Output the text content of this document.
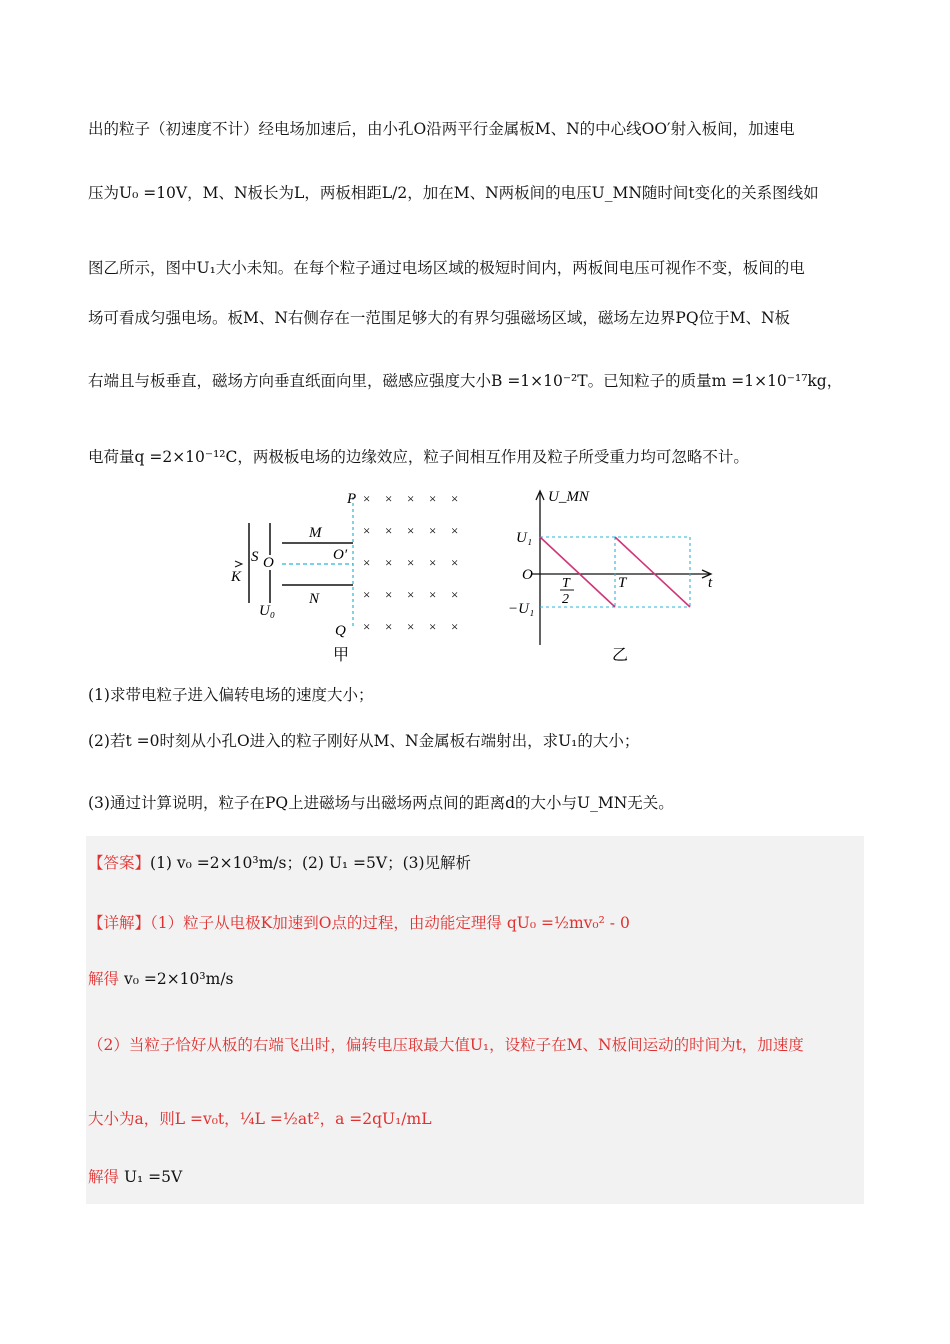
出的粒子（初速度不计）经电场加速后，由小孔O沿两平行金属板M、N的中心线OO′射入板间，加速电
压为U₀ =10V，M、N板长为L，两板相距L/2，加在M、N两板间的电压U_MN随时间t变化的关系图线如
图乙所示，图中U₁大小未知。在每个粒子通过电场区域的极短时间内，两板间电压可视作不变，板间的电
场可看成匀强电场。板M、N右侧存在一范围足够大的有界匀强磁场区域，磁场左边界PQ位于M、N板
右端且与板垂直，磁场方向垂直纸面向里，磁感应强度大小B =1×10⁻²T。已知粒子的质量m =1×10⁻¹⁷kg，
电荷量q =2×10⁻¹²C，两极板电场的边缘效应，粒子间相互作用及粒子所受重力均可忽略不计。
P
Q
M
N
S O	O′
K
U₀
× × × × ×
× × × × ×
× × × × ×
× × × × ×
× × × × ×
甲
U_MN
U₁
O
−U₁
T
2
T	t
乙
(1)求带电粒子进入偏转电场的速度大小；
(2)若t =0时刻从小孔O进入的粒子刚好从M、N金属板右端射出，求U₁的大小；
(3)通过计算说明，粒子在PQ上进磁场与出磁场两点间的距离d的大小与U_MN无关。
【答案】(1) v₀ =2×10³m/s；(2) U₁ =5V；(3)见解析
【详解】（1）粒子从电极K加速到O点的过程，由动能定理得 qU₀ =½mv₀² - 0
解得 v₀ =2×10³m/s
（2）当粒子恰好从板的右端飞出时，偏转电压取最大值U₁，设粒子在M、N板间运动的时间为t，加速度
大小为a，则L =v₀t，¼L =½at²，a =2qU₁/mL
解得 U₁ =5V
